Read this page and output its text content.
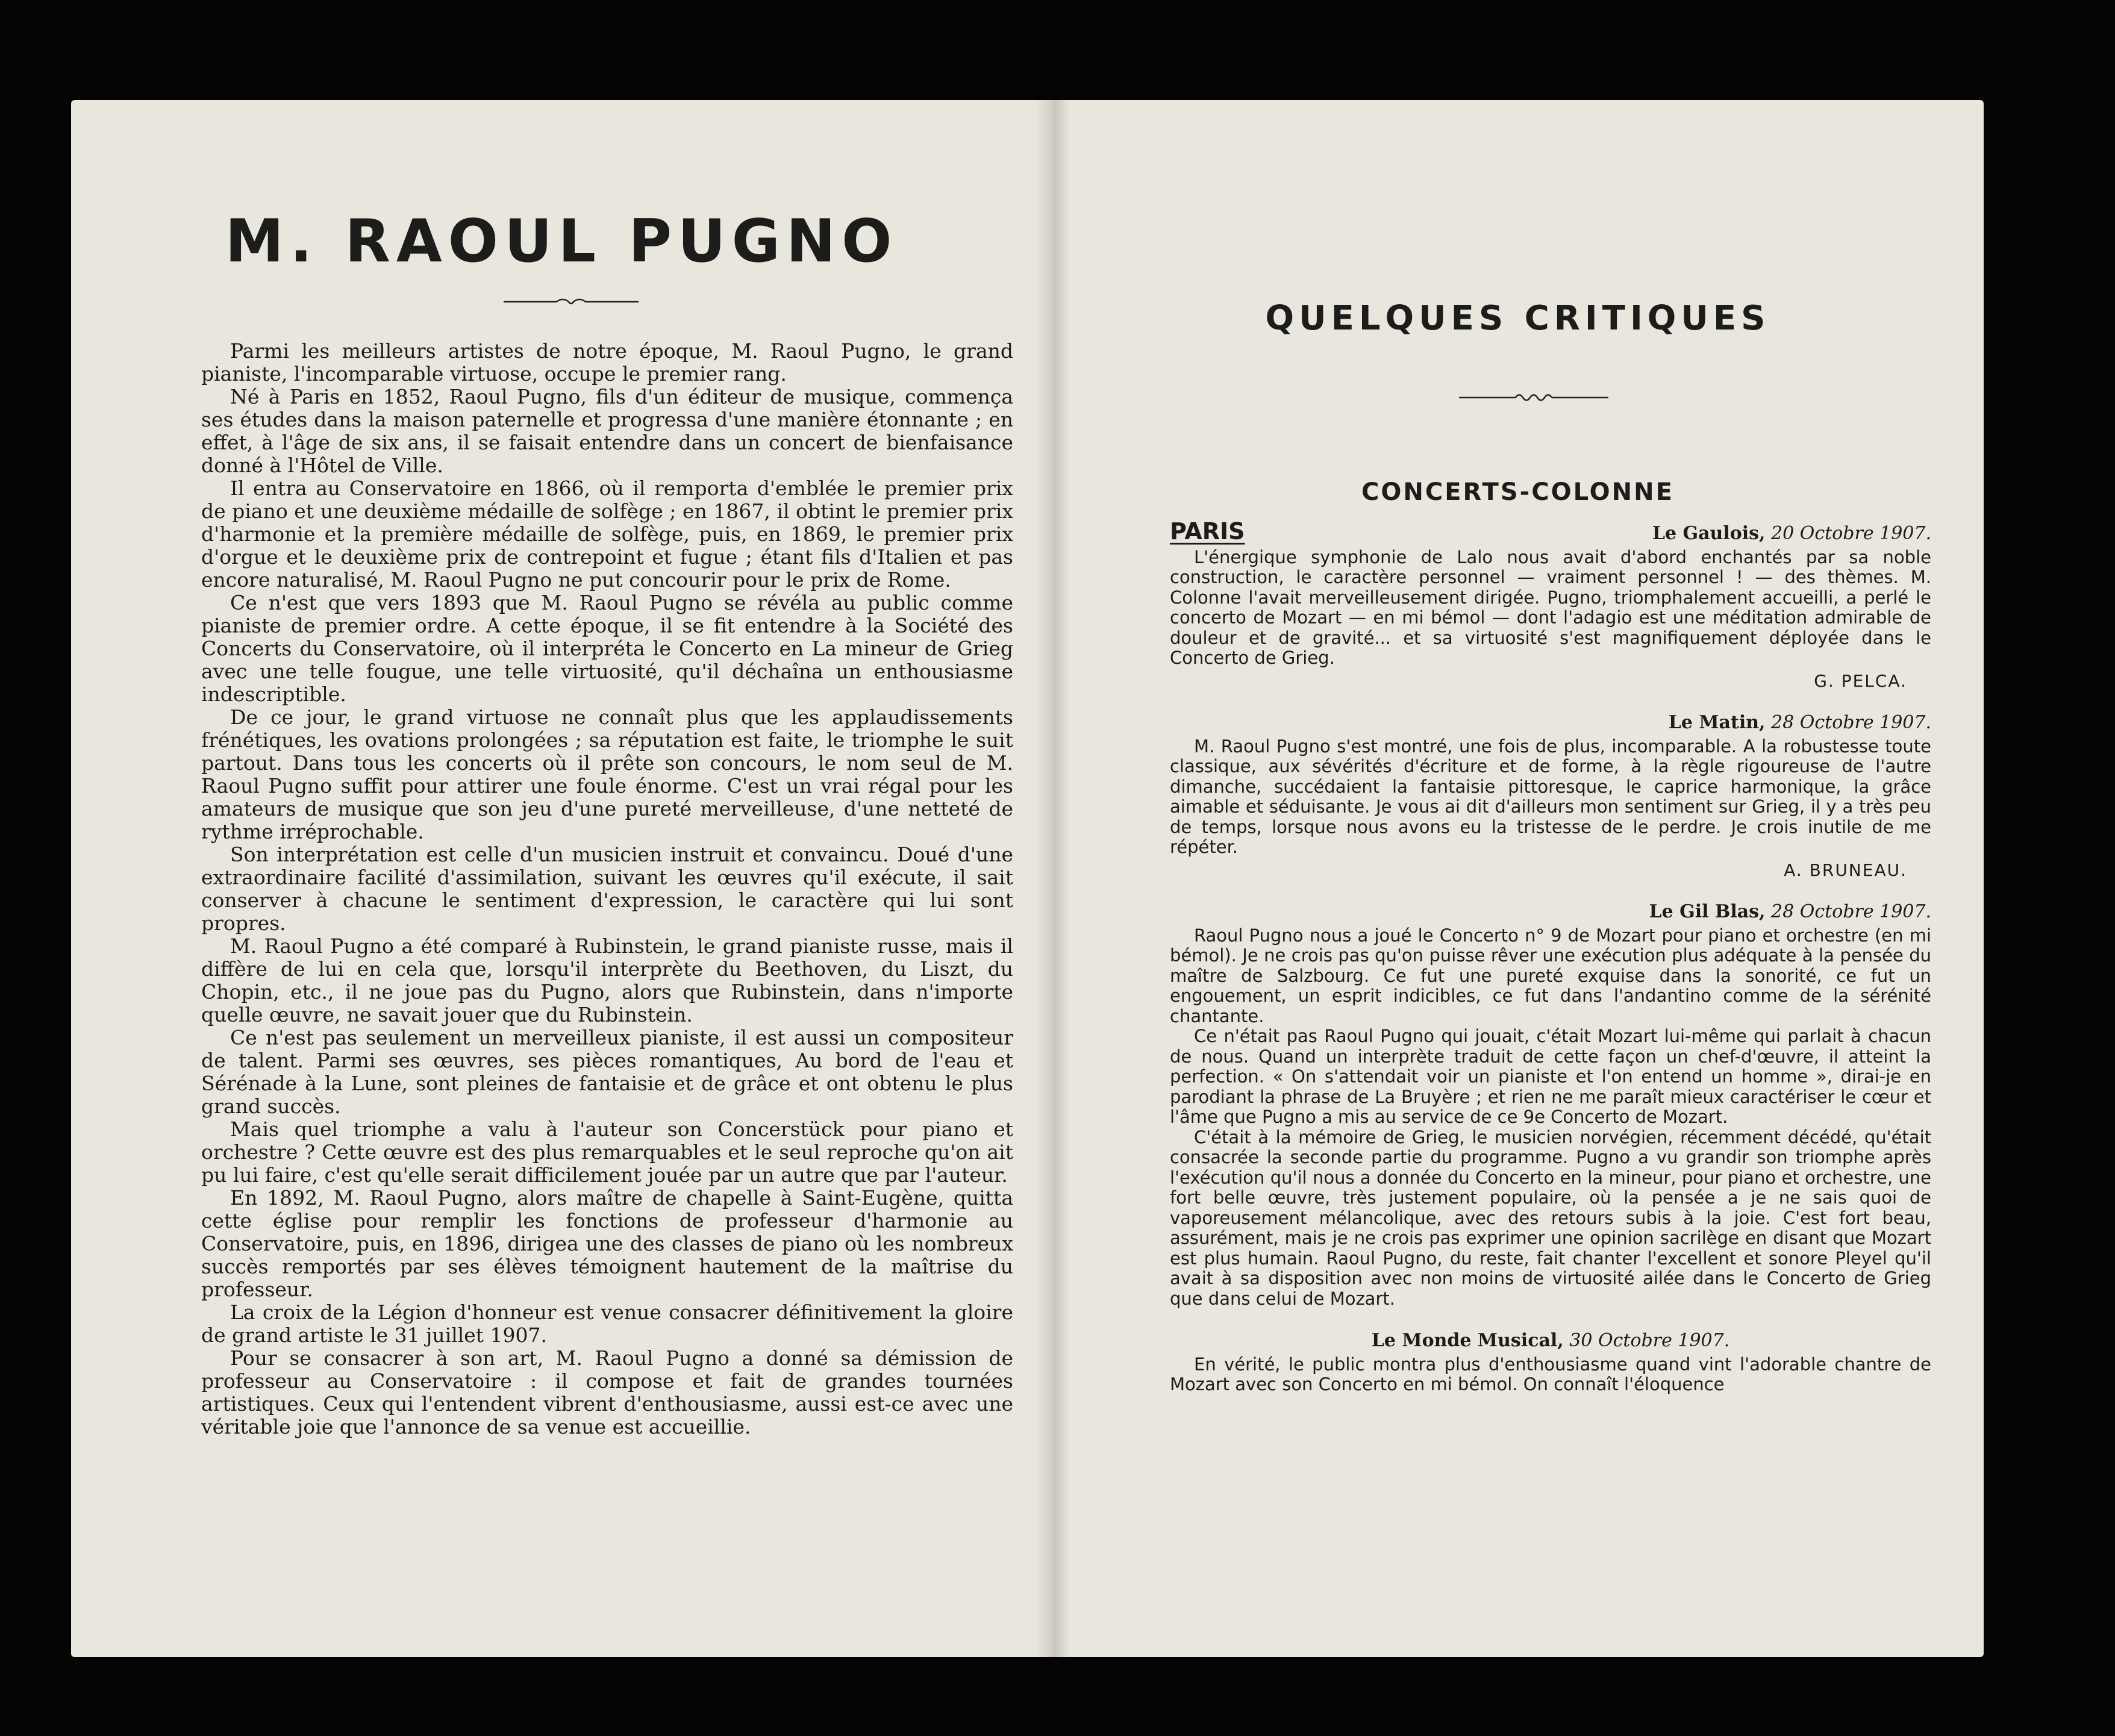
M. RAOUL PUGNO

Parmi les meilleurs artistes de notre époque, M. Raoul Pugno, le grand pianiste, l'incomparable virtuose, occupe le premier rang.

Né à Paris en 1852, Raoul Pugno, fils d'un éditeur de musique, commença ses études dans la maison paternelle et progressa d'une manière étonnante ; en effet, à l'âge de six ans, il se faisait entendre dans un concert de bienfaisance donné à l'Hôtel de Ville.

Il entra au Conservatoire en 1866, où il remporta d'emblée le premier prix de piano et une deuxième médaille de solfège ; en 1867, il obtint le premier prix d'harmonie et la première médaille de solfège, puis, en 1869, le premier prix d'orgue et le deuxième prix de contrepoint et fugue ; étant fils d'Italien et pas encore naturalisé, M. Raoul Pugno ne put concourir pour le prix de Rome.

Ce n'est que vers 1893 que M. Raoul Pugno se révéla au public comme pianiste de premier ordre. A cette époque, il se fit entendre à la Société des Concerts du Conservatoire, où il interpréta le Concerto en La mineur de Grieg avec une telle fougue, une telle virtuosité, qu'il déchaîna un enthousiasme indescriptible.

De ce jour, le grand virtuose ne connaît plus que les applaudissements frénétiques, les ovations prolongées ; sa réputation est faite, le triomphe le suit partout. Dans tous les concerts où il prête son concours, le nom seul de M. Raoul Pugno suffit pour attirer une foule énorme. C'est un vrai régal pour les amateurs de musique que son jeu d'une pureté merveilleuse, d'une netteté de rythme irréprochable.

Son interprétation est celle d'un musicien instruit et convaincu. Doué d'une extraordinaire facilité d'assimilation, suivant les œuvres qu'il exécute, il sait conserver à chacune le sentiment d'expression, le caractère qui lui sont propres.

M. Raoul Pugno a été comparé à Rubinstein, le grand pianiste russe, mais il diffère de lui en cela que, lorsqu'il interprète du Beethoven, du Liszt, du Chopin, etc., il ne joue pas du Pugno, alors que Rubinstein, dans n'importe quelle œuvre, ne savait jouer que du Rubinstein.

Ce n'est pas seulement un merveilleux pianiste, il est aussi un compositeur de talent. Parmi ses œuvres, ses pièces romantiques, Au bord de l'eau et Sérénade à la Lune, sont pleines de fantaisie et de grâce et ont obtenu le plus grand succès.

Mais quel triomphe a valu à l'auteur son Concerstück pour piano et orchestre ? Cette œuvre est des plus remarquables et le seul reproche qu'on ait pu lui faire, c'est qu'elle serait difficilement jouée par un autre que par l'auteur.

En 1892, M. Raoul Pugno, alors maître de chapelle à Saint-Eugène, quitta cette église pour remplir les fonctions de professeur d'harmonie au Conservatoire, puis, en 1896, dirigea une des classes de piano où les nombreux succès remportés par ses élèves témoignent hautement de la maîtrise du professeur.

La croix de la Légion d'honneur est venue consacrer définitivement la gloire de grand artiste le 31 juillet 1907.

Pour se consacrer à son art, M. Raoul Pugno a donné sa démission de professeur au Conservatoire : il compose et fait de grandes tournées artistiques. Ceux qui l'entendent vibrent d'enthousiasme, aussi est-ce avec une véritable joie que l'annonce de sa venue est accueillie.

QUELQUES CRITIQUES
CONCERTS-COLONNE
PARIS	Le Gaulois, 20 Octobre 1907.

L'énergique symphonie de Lalo nous avait d'abord enchantés par sa noble construction, le caractère personnel — vraiment personnel ! — des thèmes. M. Colonne l'avait merveilleusement dirigée. Pugno, triomphalement accueilli, a perlé le concerto de Mozart — en mi bémol — dont l'adagio est une méditation admirable de douleur et de gravité... et sa virtuosité s'est magnifiquement déployée dans le Concerto de Grieg.

G. PELCA.
Le Matin, 28 Octobre 1907.

M. Raoul Pugno s'est montré, une fois de plus, incomparable. A la robustesse toute classique, aux sévérités d'écriture et de forme, à la règle rigoureuse de l'autre dimanche, succédaient la fantaisie pittoresque, le caprice harmonique, la grâce aimable et séduisante. Je vous ai dit d'ailleurs mon sentiment sur Grieg, il y a très peu de temps, lorsque nous avons eu la tristesse de le perdre. Je crois inutile de me répéter.

A. BRUNEAU.
Le Gil Blas, 28 Octobre 1907.

Raoul Pugno nous a joué le Concerto n° 9 de Mozart pour piano et orchestre (en mi bémol). Je ne crois pas qu'on puisse rêver une exécution plus adéquate à la pensée du maître de Salzbourg. Ce fut une pureté exquise dans la sonorité, ce fut un engouement, un esprit indicibles, ce fut dans l'andantino comme de la sérénité chantante.

Ce n'était pas Raoul Pugno qui jouait, c'était Mozart lui-même qui parlait à chacun de nous. Quand un interprète traduit de cette façon un chef-d'œuvre, il atteint la perfection. « On s'attendait voir un pianiste et l'on entend un homme », dirai-je en parodiant la phrase de La Bruyère ; et rien ne me paraît mieux caractériser le cœur et l'âme que Pugno a mis au service de ce 9e Concerto de Mozart.

C'était à la mémoire de Grieg, le musicien norvégien, récemment décédé, qu'était consacrée la seconde partie du programme. Pugno a vu grandir son triomphe après l'exécution qu'il nous a donnée du Concerto en la mineur, pour piano et orchestre, une fort belle œuvre, très justement populaire, où la pensée a je ne sais quoi de vaporeusement mélancolique, avec des retours subis à la joie. C'est fort beau, assurément, mais je ne crois pas exprimer une opinion sacrilège en disant que Mozart est plus humain. Raoul Pugno, du reste, fait chanter l'excellent et sonore Pleyel qu'il avait à sa disposition avec non moins de virtuosité ailée dans le Concerto de Grieg que dans celui de Mozart.

Le Monde Musical, 30 Octobre 1907.

En vérité, le public montra plus d'enthousiasme quand vint l'adorable chantre de Mozart avec son Concerto en mi bémol. On connaît l'éloquence
